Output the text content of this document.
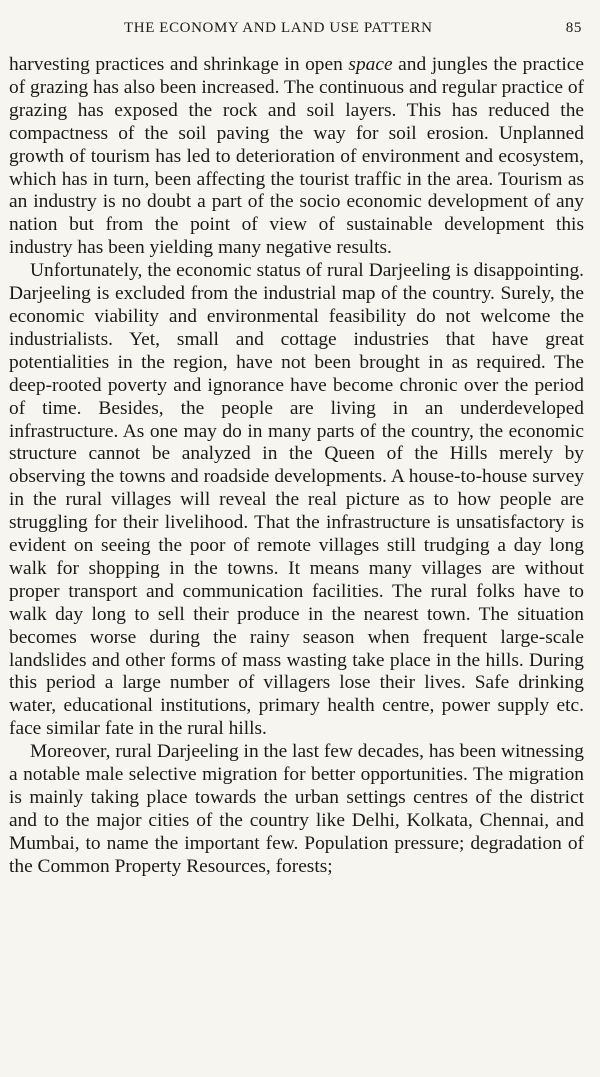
THE ECONOMY AND LAND USE PATTERN	85

harvesting practices and shrinkage in open space and jungles the practice of grazing has also been increased. The continuous and regular practice of grazing has exposed the rock and soil layers. This has reduced the compactness of the soil paving the way for soil erosion. Unplanned growth of tourism has led to deterioration of environment and ecosystem, which has in turn, been affecting the tourist traffic in the area. Tourism as an industry is no doubt a part of the socio economic development of any nation but from the point of view of sustainable development this industry has been yielding many negative results.

Unfortunately, the economic status of rural Darjeeling is disappointing. Darjeeling is excluded from the industrial map of the country. Surely, the economic viability and environmental feasibility do not welcome the industrialists. Yet, small and cottage industries that have great potentialities in the region, have not been brought in as required. The deep-rooted poverty and ignorance have become chronic over the period of time. Besides, the people are living in an underdeveloped infrastructure. As one may do in many parts of the country, the economic structure cannot be analyzed in the Queen of the Hills merely by observing the towns and roadside developments. A house-to-house survey in the rural villages will reveal the real picture as to how people are struggling for their livelihood. That the infrastructure is unsatisfactory is evident on seeing the poor of remote villages still trudging a day long walk for shopping in the towns. It means many villages are without proper transport and communication facilities. The rural folks have to walk day long to sell their produce in the nearest town. The situation becomes worse during the rainy season when frequent large-scale landslides and other forms of mass wasting take place in the hills. During this period a large number of villagers lose their lives. Safe drinking water, educational institutions, primary health centre, power supply etc. face similar fate in the rural hills.

Moreover, rural Darjeeling in the last few decades, has been witnessing a notable male selective migration for better opportunities. The migration is mainly taking place towards the urban settings centres of the district and to the major cities of the country like Delhi, Kolkata, Chennai, and Mumbai, to name the important few. Population pressure; degradation of the Common Property Resources, forests;
